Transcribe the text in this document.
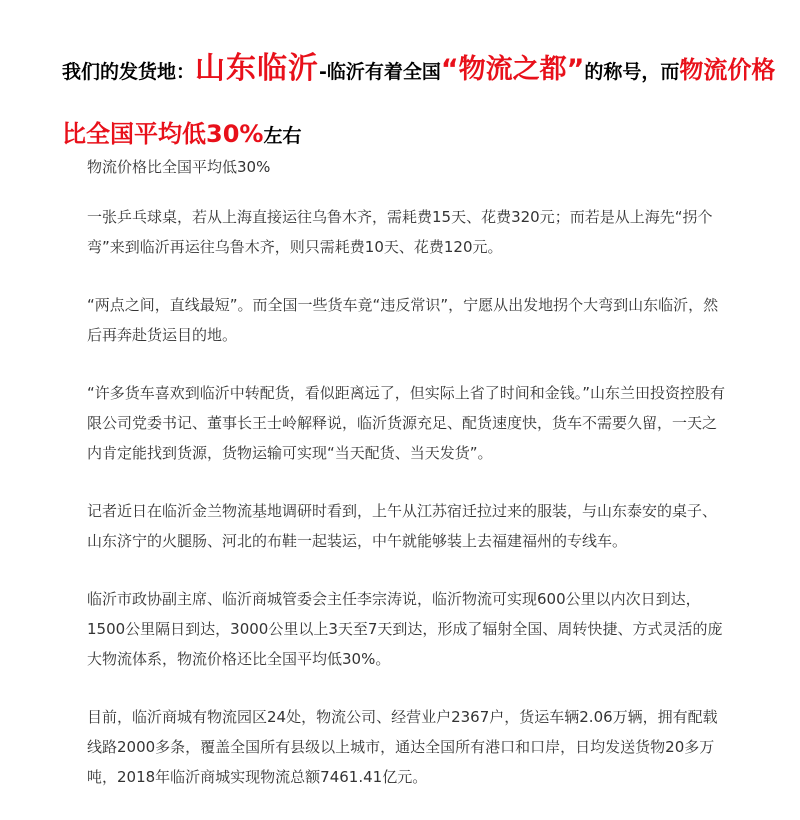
我们的发货地：山东临沂-临沂有着全国“物流之都”的称号，而物流价格比全国平均低30%左右

物流价格比全国平均低30%

一张乒乓球桌，若从上海直接运往乌鲁木齐，需耗费15天、花费320元；而若是从上海先“拐个弯”来到临沂再运往乌鲁木齐，则只需耗费10天、花费120元。

“两点之间，直线最短”。而全国一些货车竟“违反常识”，宁愿从出发地拐个大弯到山东临沂，然后再奔赴货运目的地。

“许多货车喜欢到临沂中转配货，看似距离远了，但实际上省了时间和金钱。”山东兰田投资控股有限公司党委书记、董事长王士岭解释说，临沂货源充足、配货速度快，货车不需要久留，一天之内肯定能找到货源，货物运输可实现“当天配货、当天发货”。

记者近日在临沂金兰物流基地调研时看到，上午从江苏宿迁拉过来的服装，与山东泰安的桌子、山东济宁的火腿肠、河北的布鞋一起装运，中午就能够装上去福建福州的专线车。

临沂市政协副主席、临沂商城管委会主任李宗涛说，临沂物流可实现600公里以内次日到达，1500公里隔日到达，3000公里以上3天至7天到达，形成了辐射全国、周转快捷、方式灵活的庞大物流体系，物流价格还比全国平均低30%。

目前，临沂商城有物流园区24处，物流公司、经营业户2367户，货运车辆2.06万辆，拥有配载线路2000多条，覆盖全国所有县级以上城市，通达全国所有港口和口岸，日均发送货物20多万吨，2018年临沂商城实现物流总额7461.41亿元。
